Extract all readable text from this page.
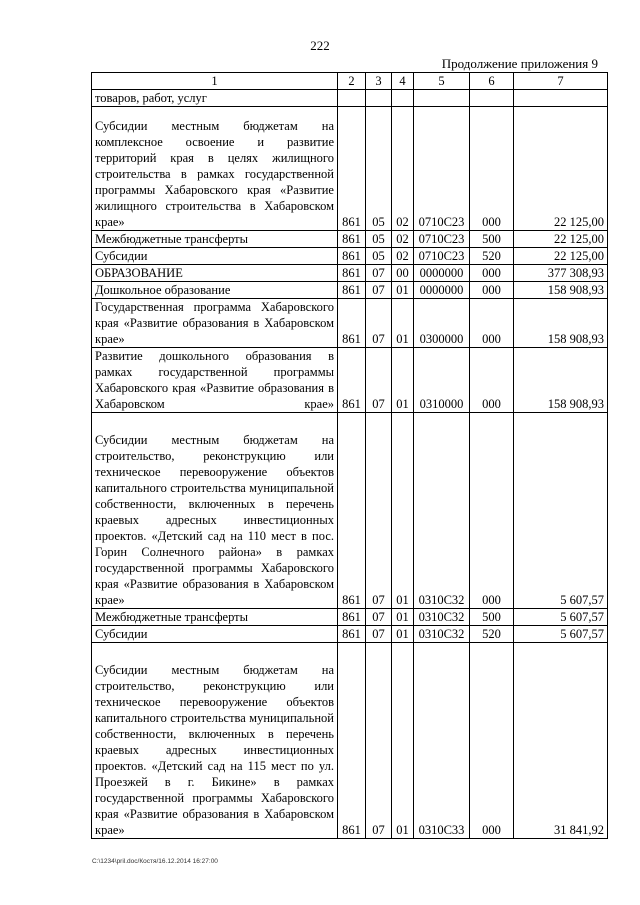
222
Продолжение приложения 9
1	2	3	4	5	6	7
товаров, работ, услуг						
Субсидии местным бюджетам на комплексное освоение и развитие территорий края в целях жилищного строительства в рамках государственной программы Хабаровского края «Развитие жилищного строительства в Хабаровском крае»	861	05	02	0710C23	000	22 125,00
Межбюджетные трансферты	861	05	02	0710C23	500	22 125,00
Субсидии	861	05	02	0710C23	520	22 125,00
ОБРАЗОВАНИЕ	861	07	00	0000000	000	377 308,93
Дошкольное образование	861	07	01	0000000	000	158 908,93
Государственная программа Хабаровского края «Развитие образования в Хабаровском крае»	861	07	01	0300000	000	158 908,93
Развитие дошкольного образования в рамках государственной программы Хабаровского края «Развитие образования в Хабаровском крае»	861	07	01	0310000	000	158 908,93
Субсидии местным бюджетам на строительство, реконструкцию или техническое перевооружение объектов капитального строительства муниципальной собственности, включенных в перечень краевых адресных инвестиционных проектов. «Детский сад на 110 мест в пос. Горин Солнечного района» в рамках государственной программы Хабаровского края «Развитие образования в Хабаровском крае»	861	07	01	0310C32	000	5 607,57
Межбюджетные трансферты	861	07	01	0310C32	500	5 607,57
Субсидии	861	07	01	0310C32	520	5 607,57
Субсидии местным бюджетам на строительство, реконструкцию или техническое перевооружение объектов капитального строительства муниципальной собственности, включенных в перечень краевых адресных инвестиционных проектов. «Детский сад на 115 мест по ул. Проезжей в г. Бикине» в рамках государственной программы Хабаровского края «Развитие образования в Хабаровском крае»	861	07	01	0310C33	000	31 841,92
C:\1234\pril.doc/Костя/16.12.2014 16:27:00
